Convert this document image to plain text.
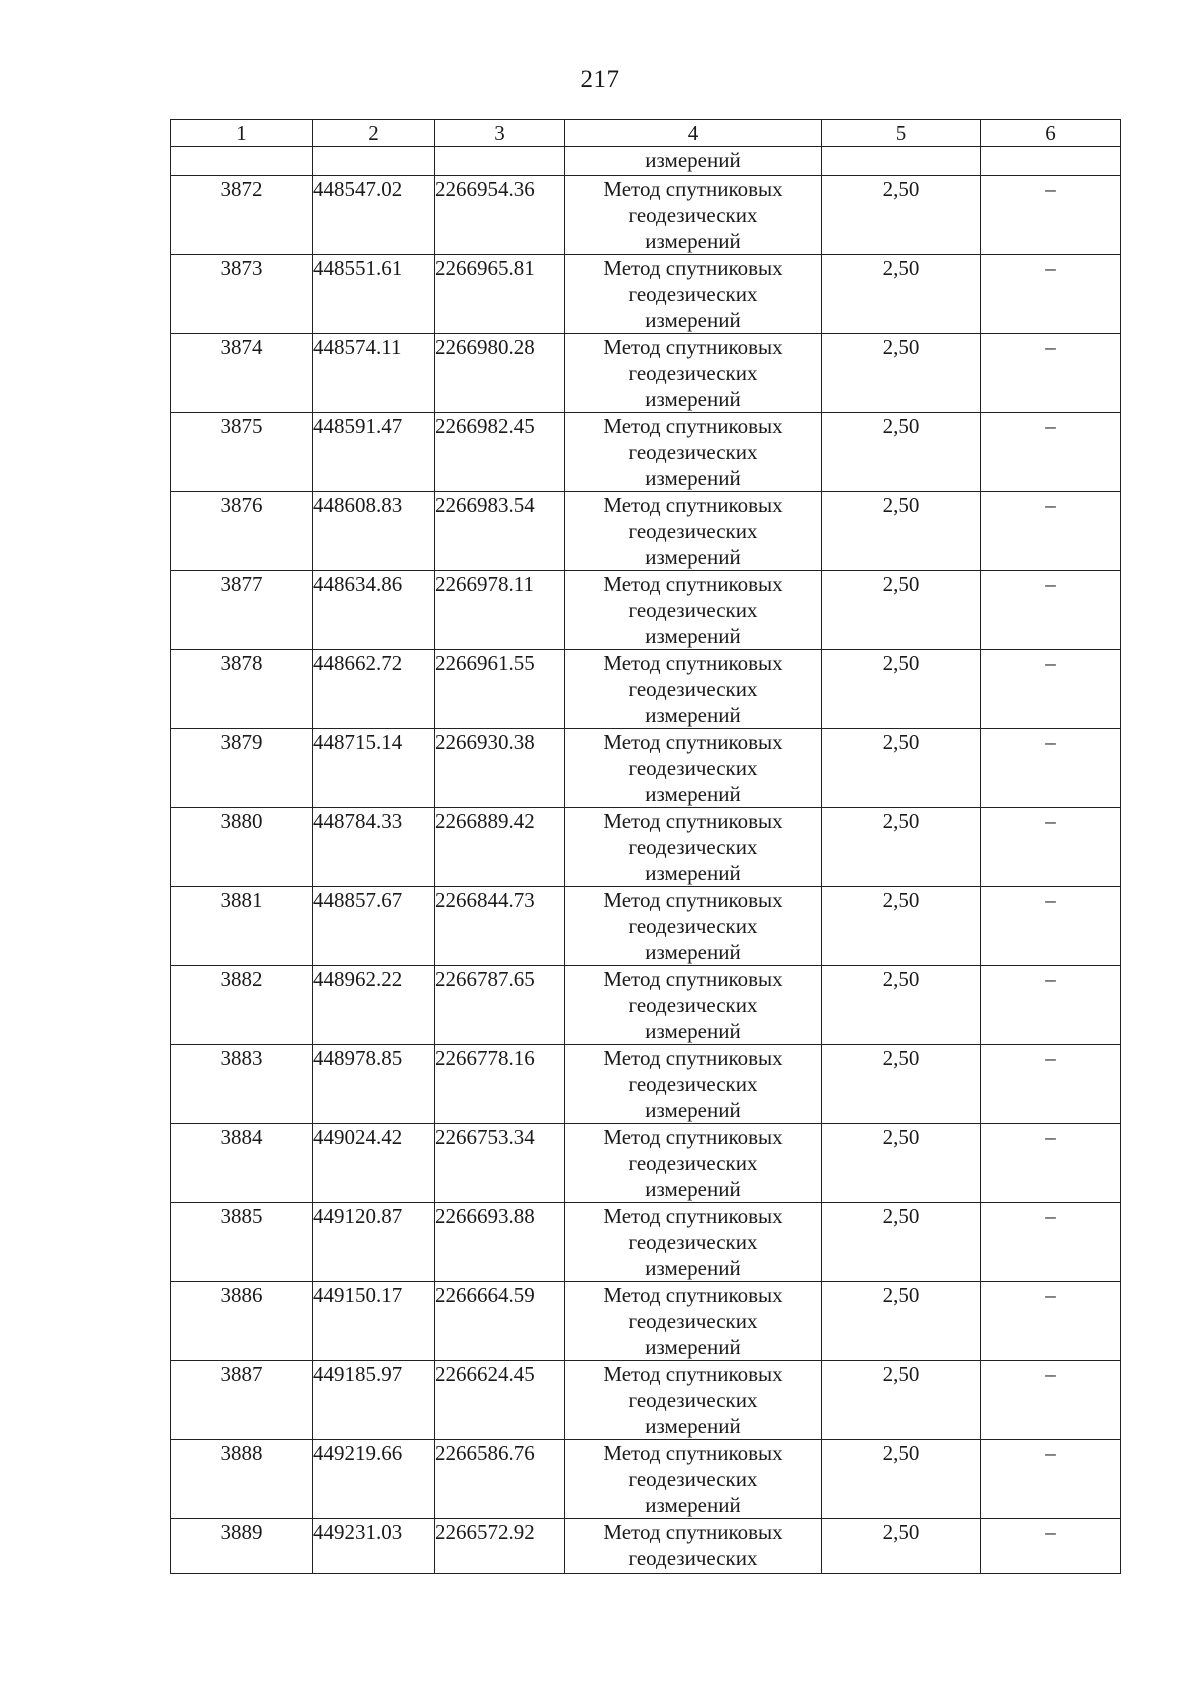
217
1	2	3	4	5	6
			измерений		
3872	448547.02	2266954.36	Метод спутниковых
геодезических
измерений	2,50	–
3873	448551.61	2266965.81	Метод спутниковых
геодезических
измерений	2,50	–
3874	448574.11	2266980.28	Метод спутниковых
геодезических
измерений	2,50	–
3875	448591.47	2266982.45	Метод спутниковых
геодезических
измерений	2,50	–
3876	448608.83	2266983.54	Метод спутниковых
геодезических
измерений	2,50	–
3877	448634.86	2266978.11	Метод спутниковых
геодезических
измерений	2,50	–
3878	448662.72	2266961.55	Метод спутниковых
геодезических
измерений	2,50	–
3879	448715.14	2266930.38	Метод спутниковых
геодезических
измерений	2,50	–
3880	448784.33	2266889.42	Метод спутниковых
геодезических
измерений	2,50	–
3881	448857.67	2266844.73	Метод спутниковых
геодезических
измерений	2,50	–
3882	448962.22	2266787.65	Метод спутниковых
геодезических
измерений	2,50	–
3883	448978.85	2266778.16	Метод спутниковых
геодезических
измерений	2,50	–
3884	449024.42	2266753.34	Метод спутниковых
геодезических
измерений	2,50	–
3885	449120.87	2266693.88	Метод спутниковых
геодезических
измерений	2,50	–
3886	449150.17	2266664.59	Метод спутниковых
геодезических
измерений	2,50	–
3887	449185.97	2266624.45	Метод спутниковых
геодезических
измерений	2,50	–
3888	449219.66	2266586.76	Метод спутниковых
геодезических
измерений	2,50	–
3889	449231.03	2266572.92	Метод спутниковых
геодезических	2,50	–
